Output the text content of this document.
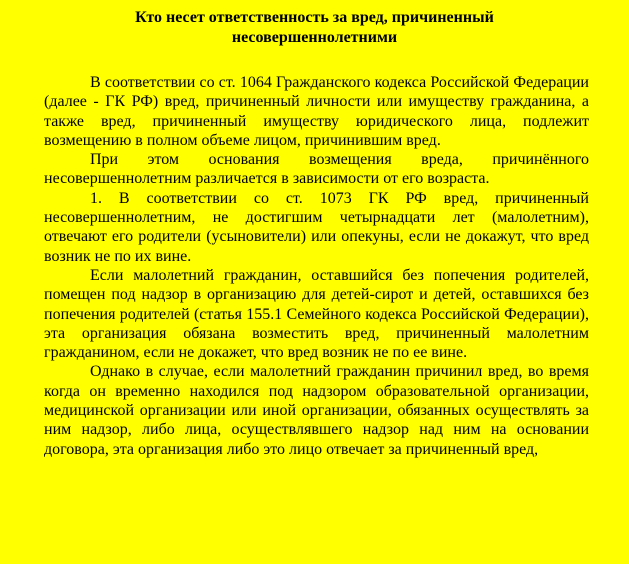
Кто несет ответственность за вред, причиненный несовершеннолетними

В соответствии со ст. 1064 Гражданского кодекса Российской Федерации (далее - ГК РФ) вред, причиненный личности или имуществу гражданина, а также вред, причиненный имуществу юридического лица, подлежит возмещению в полном объеме лицом, причинившим вред.

При этом основания возмещения вреда, причинённого несовершеннолетним различается в зависимости от его возраста.

1. В соответствии со ст. 1073 ГК РФ вред, причиненный несовершеннолетним, не достигшим четырнадцати лет (малолетним), отвечают его родители (усыновители) или опекуны, если не докажут, что вред возник не по их вине.

Если малолетний гражданин, оставшийся без попечения родителей, помещен под надзор в организацию для детей-сирот и детей, оставшихся без попечения родителей (статья 155.1 Семейного кодекса Российской Федерации), эта организация обязана возместить вред, причиненный малолетним гражданином, если не докажет, что вред возник не по ее вине.

Однако в случае, если малолетний гражданин причинил вред, во время когда он временно находился под надзором образовательной организации, медицинской организации или иной организации, обязанных осуществлять за ним надзор, либо лица, осуществлявшего надзор над ним на основании договора, эта организация либо это лицо отвечает за причиненный вред,
